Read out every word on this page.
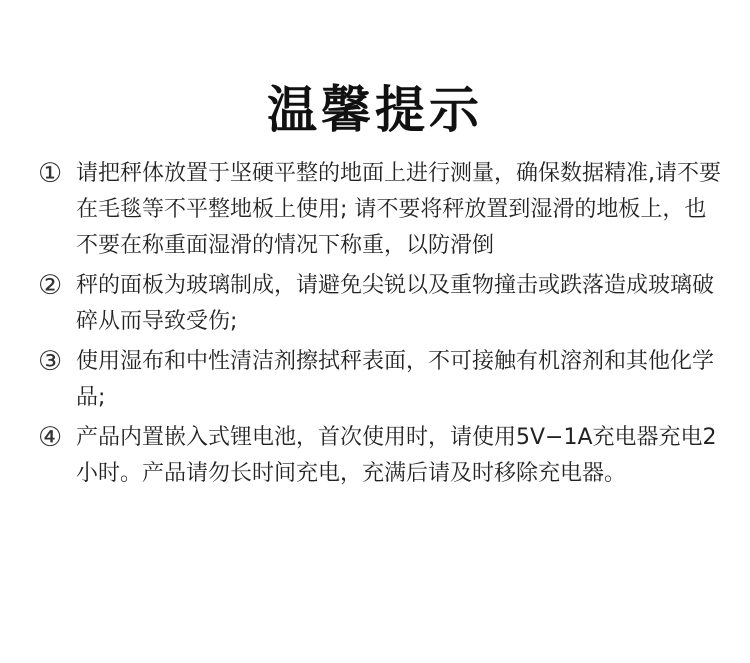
温馨提示
① 请把秤体放置于坚硬平整的地面上进行测量，确保数据精准,请不要在毛毯等不平整地板上使用; 请不要将秤放置到湿滑的地板上，也不要在称重面湿滑的情况下称重，以防滑倒
② 秤的面板为玻璃制成，请避免尖锐以及重物撞击或跌落造成玻璃破碎从而导致受伤;
③ 使用湿布和中性清洁剂擦拭秤表面，不可接触有机溶剂和其他化学品;
④ 产品内置嵌入式锂电池，首次使用时，请使用5V−1A充电器充电2小时。产品请勿长时间充电，充满后请及时移除充电器。
